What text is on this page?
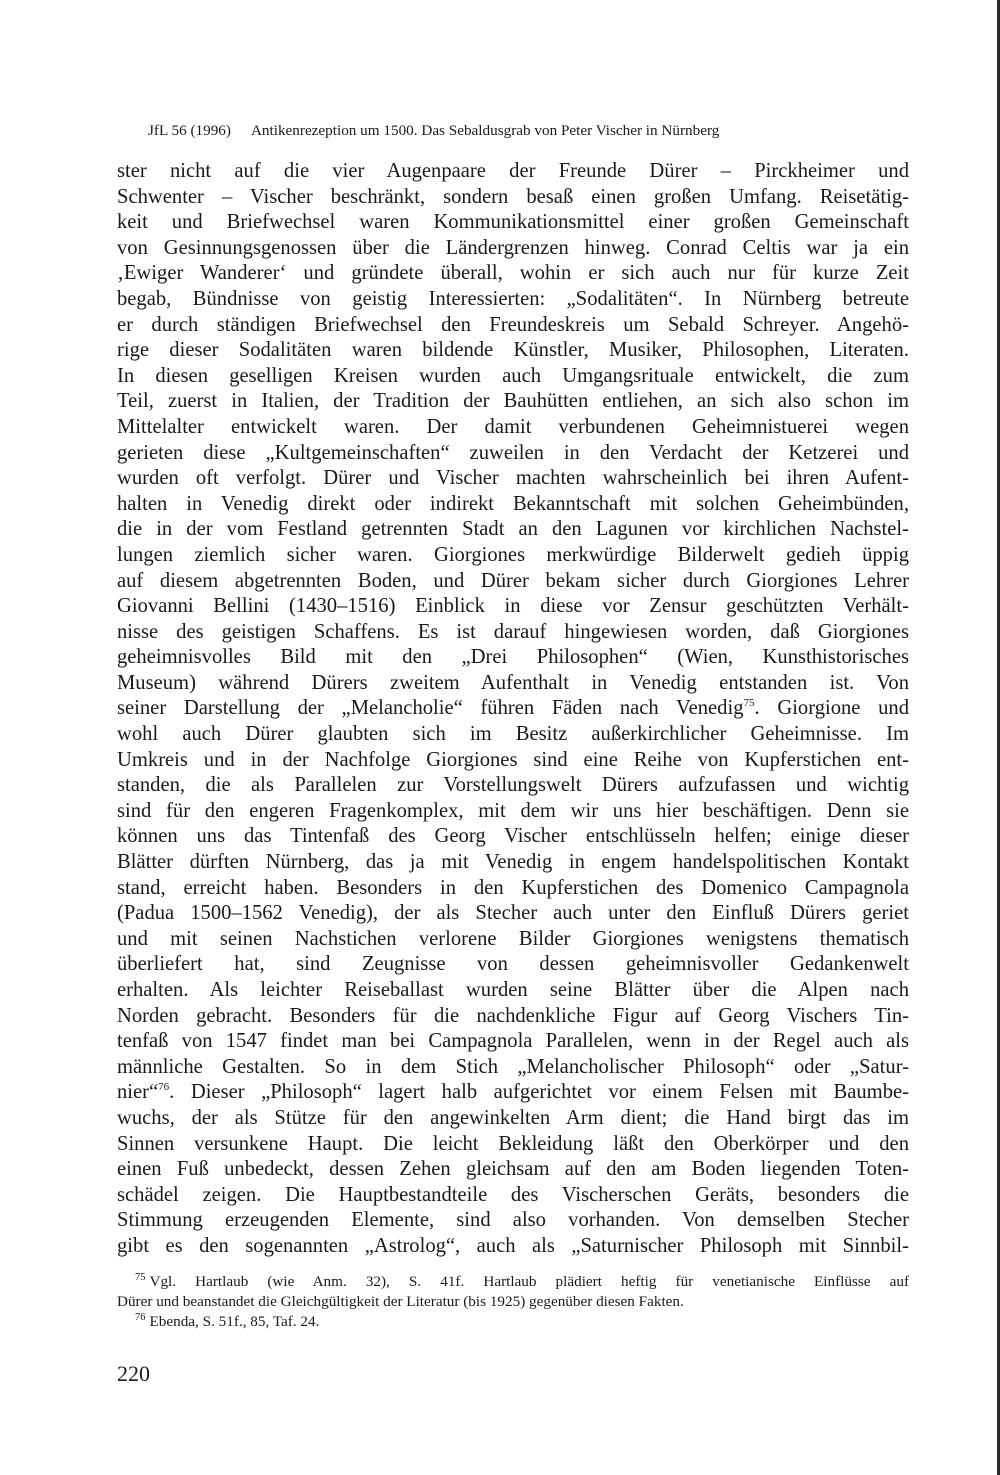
JfL 56 (1996) Antikenrezeption um 1500. Das Sebaldusgrab von Peter Vischer in Nürnberg
ster nicht auf die vier Augenpaare der Freunde Dürer – Pirckheimer und
Schwenter – Vischer beschränkt, sondern besaß einen großen Umfang. Reisetätig-
keit und Briefwechsel waren Kommunikationsmittel einer großen Gemeinschaft
von Gesinnungsgenossen über die Ländergrenzen hinweg. Conrad Celtis war ja ein
‚Ewiger Wanderer‘ und gründete überall, wohin er sich auch nur für kurze Zeit
begab, Bündnisse von geistig Interessierten: „Sodalitäten“. In Nürnberg betreute
er durch ständigen Briefwechsel den Freundeskreis um Sebald Schreyer. Angehö-
rige dieser Sodalitäten waren bildende Künstler, Musiker, Philosophen, Literaten.
In diesen geselligen Kreisen wurden auch Umgangsrituale entwickelt, die zum
Teil, zuerst in Italien, der Tradition der Bauhütten entliehen, an sich also schon im
Mittelalter entwickelt waren. Der damit verbundenen Geheimnistuerei wegen
gerieten diese „Kultgemeinschaften“ zuweilen in den Verdacht der Ketzerei und
wurden oft verfolgt. Dürer und Vischer machten wahrscheinlich bei ihren Aufent-
halten in Venedig direkt oder indirekt Bekanntschaft mit solchen Geheimbünden,
die in der vom Festland getrennten Stadt an den Lagunen vor kirchlichen Nachstel-
lungen ziemlich sicher waren. Giorgiones merkwürdige Bilderwelt gedieh üppig
auf diesem abgetrennten Boden, und Dürer bekam sicher durch Giorgiones Lehrer
Giovanni Bellini (1430–1516) Einblick in diese vor Zensur geschützten Verhält-
nisse des geistigen Schaffens. Es ist darauf hingewiesen worden, daß Giorgiones
geheimnisvolles Bild mit den „Drei Philosophen“ (Wien, Kunsthistorisches
Museum) während Dürers zweitem Aufenthalt in Venedig entstanden ist. Von
seiner Darstellung der „Melancholie“ führen Fäden nach Venedig$^{75}$. Giorgione und
wohl auch Dürer glaubten sich im Besitz außerkirchlicher Geheimnisse. Im
Umkreis und in der Nachfolge Giorgiones sind eine Reihe von Kupferstichen ent-
standen, die als Parallelen zur Vorstellungswelt Dürers aufzufassen und wichtig
sind für den engeren Fragenkomplex, mit dem wir uns hier beschäftigen. Denn sie
können uns das Tintenfaß des Georg Vischer entschlüsseln helfen; einige dieser
Blätter dürften Nürnberg, das ja mit Venedig in engem handelspolitischen Kontakt
stand, erreicht haben. Besonders in den Kupferstichen des Domenico Campagnola
(Padua 1500–1562 Venedig), der als Stecher auch unter den Einfluß Dürers geriet
und mit seinen Nachstichen verlorene Bilder Giorgiones wenigstens thematisch
überliefert hat, sind Zeugnisse von dessen geheimnisvoller Gedankenwelt
erhalten. Als leichter Reiseballast wurden seine Blätter über die Alpen nach
Norden gebracht. Besonders für die nachdenkliche Figur auf Georg Vischers Tin-
tenfaß von 1547 findet man bei Campagnola Parallelen, wenn in der Regel auch als
männliche Gestalten. So in dem Stich „Melancholischer Philosoph“ oder „Satur-
nier“$^{76}$. Dieser „Philosoph“ lagert halb aufgerichtet vor einem Felsen mit Baumbe-
wuchs, der als Stütze für den angewinkelten Arm dient; die Hand birgt das im
Sinnen versunkene Haupt. Die leicht Bekleidung läßt den Oberkörper und den
einen Fuß unbedeckt, dessen Zehen gleichsam auf den am Boden liegenden Toten-
schädel zeigen. Die Hauptbestandteile des Vischerschen Geräts, besonders die
Stimmung erzeugenden Elemente, sind also vorhanden. Von demselben Stecher
gibt es den sogenannten „Astrolog“, auch als „Saturnischer Philosoph mit Sinnbil-
$^{75}$ Vgl. Hartlaub (wie Anm. 32), S. 41f. Hartlaub plädiert heftig für venetianische Einflüsse auf
Dürer und beanstandet die Gleichgültigkeit der Literatur (bis 1925) gegenüber diesen Fakten.
$^{76}$ Ebenda, S. 51f., 85, Taf. 24.
220
